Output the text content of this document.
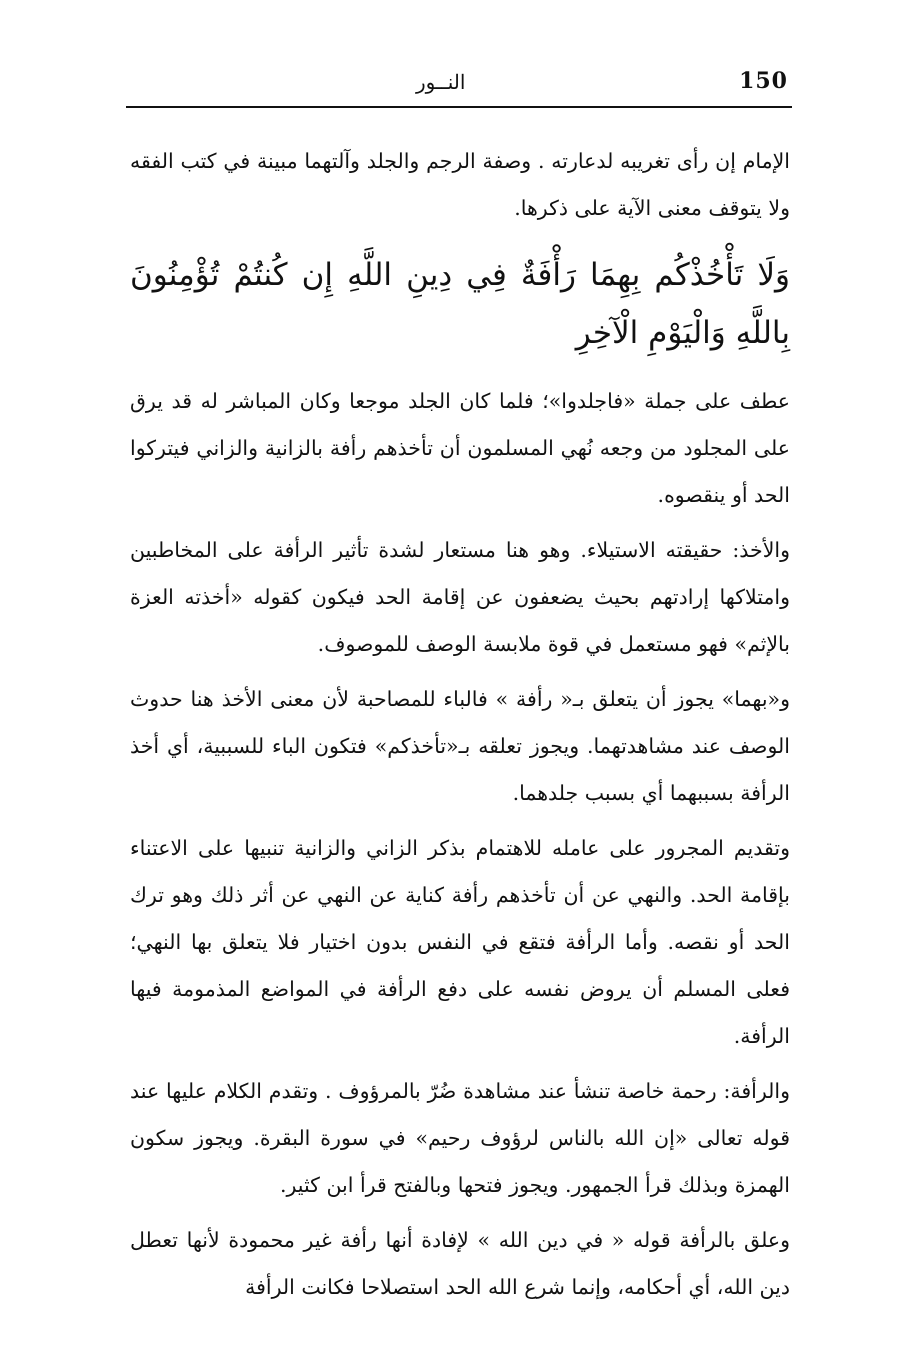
النــور	150

الإمام إن رأى تغريبه لدعارته . وصفة الرجم والجلد وآلتهما مبينة في كتب الفقه ولا يتوقف معنى الآية على ذكرها.

وَلَا تَأْخُذْكُم بِهِمَا رَأْفَةٌ فِي دِينِ اللَّهِ إِن كُنتُمْ تُؤْمِنُونَ بِاللَّهِ وَالْيَوْمِ الْآخِرِ

عطف على جملة «فاجلدوا»؛ فلما كان الجلد موجعا وكان المباشر له قد يرق على المجلود من وجعه نُهي المسلمون أن تأخذهم رأفة بالزانية والزاني فيتركوا الحد أو ينقصوه.

والأخذ: حقيقته الاستيلاء. وهو هنا مستعار لشدة تأثير الرأفة على المخاطبين وامتلاكها إرادتهم بحيث يضعفون عن إقامة الحد فيكون كقوله «أخذته العزة بالإثم» فهو مستعمل في قوة ملابسة الوصف للموصوف.

و«بهما» يجوز أن يتعلق بـ« رأفة » فالباء للمصاحبة لأن معنى الأخذ هنا حدوث الوصف عند مشاهدتهما. ويجوز تعلقه بـ«تأخذكم» فتكون الباء للسببية، أي أخذ الرأفة بسببهما أي بسبب جلدهما.

وتقديم المجرور على عامله للاهتمام بذكر الزاني والزانية تنبيها على الاعتناء بإقامة الحد. والنهي عن أن تأخذهم رأفة كناية عن النهي عن أثر ذلك وهو ترك الحد أو نقصه. وأما الرأفة فتقع في النفس بدون اختيار فلا يتعلق بها النهي؛ فعلى المسلم أن يروض نفسه على دفع الرأفة في المواضع المذمومة فيها الرأفة.

والرأفة: رحمة خاصة تنشأ عند مشاهدة ضُرّ بالمرؤوف . وتقدم الكلام عليها عند قوله تعالى «إن الله بالناس لرؤوف رحيم» في سورة البقرة. ويجوز سكون الهمزة وبذلك قرأ الجمهور. ويجوز فتحها وبالفتح قرأ ابن كثير.

وعلق بالرأفة قوله « في دين الله » لإفادة أنها رأفة غير محمودة لأنها تعطل دين الله، أي أحكامه، وإنما شرع الله الحد استصلاحا فكانت الرأفة
